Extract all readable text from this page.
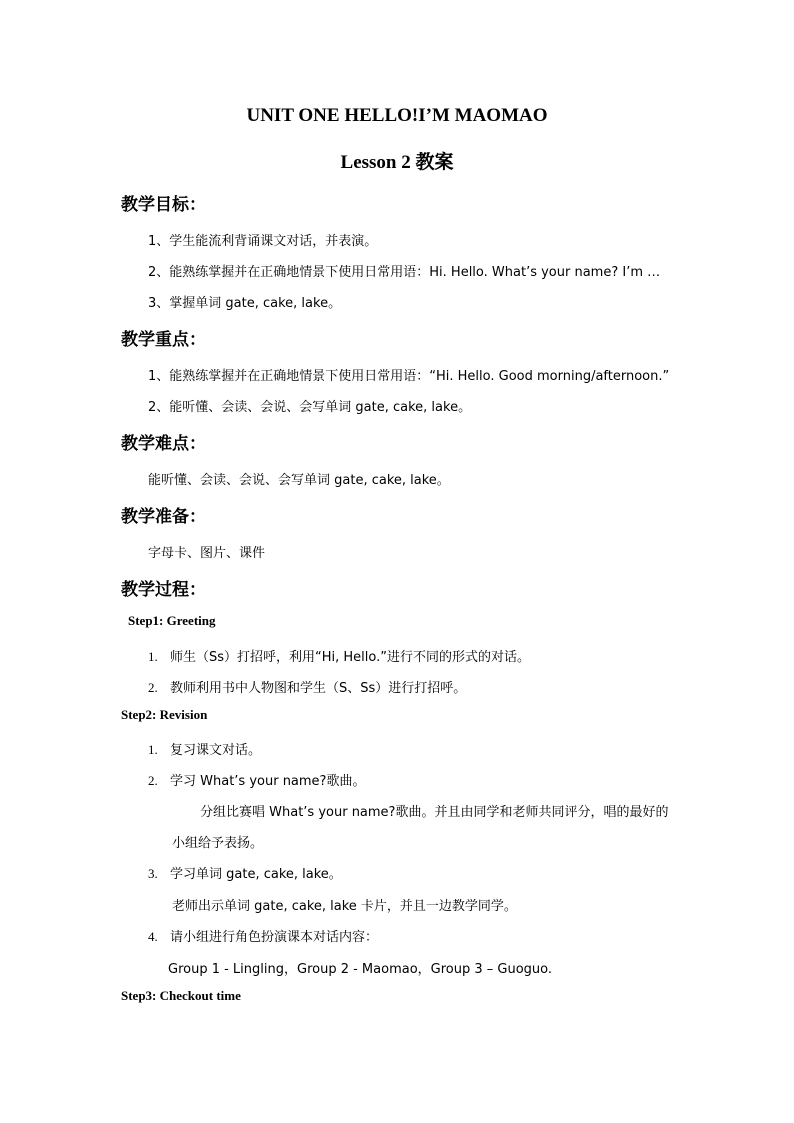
UNIT ONE HELLO!I’M MAOMAO
Lesson 2 教案
教学目标：
1、学生能流利背诵课文对话，并表演。
2、能熟练掌握并在正确地情景下使用日常用语：Hi. Hello. What’s your name? I’m …
3、掌握单词 gate, cake, lake。
教学重点：
1、能熟练掌握并在正确地情景下使用日常用语：“Hi. Hello. Good morning/afternoon.”
2、能听懂、会读、会说、会写单词 gate, cake, lake。
教学难点：
能听懂、会读、会说、会写单词 gate, cake, lake。
教学准备：
字母卡、图片、课件
教学过程：
Step1: Greeting
1. 师生（Ss）打招呼，利用“Hi, Hello.”进行不同的形式的对话。
2. 教师利用书中人物图和学生（S、Ss）进行打招呼。
Step2: Revision
1. 复习课文对话。
2. 学习 What’s your name?歌曲。
分组比赛唱 What’s your name?歌曲。并且由同学和老师共同评分，唱的最好的
小组给予表扬。
3. 学习单词 gate, cake, lake。
老师出示单词 gate, cake, lake 卡片，并且一边教学同学。
4. 请小组进行角色扮演课本对话内容：
Group 1 - Lingling，Group 2 - Maomao，Group 3 – Guoguo.
Step3: Checkout time
